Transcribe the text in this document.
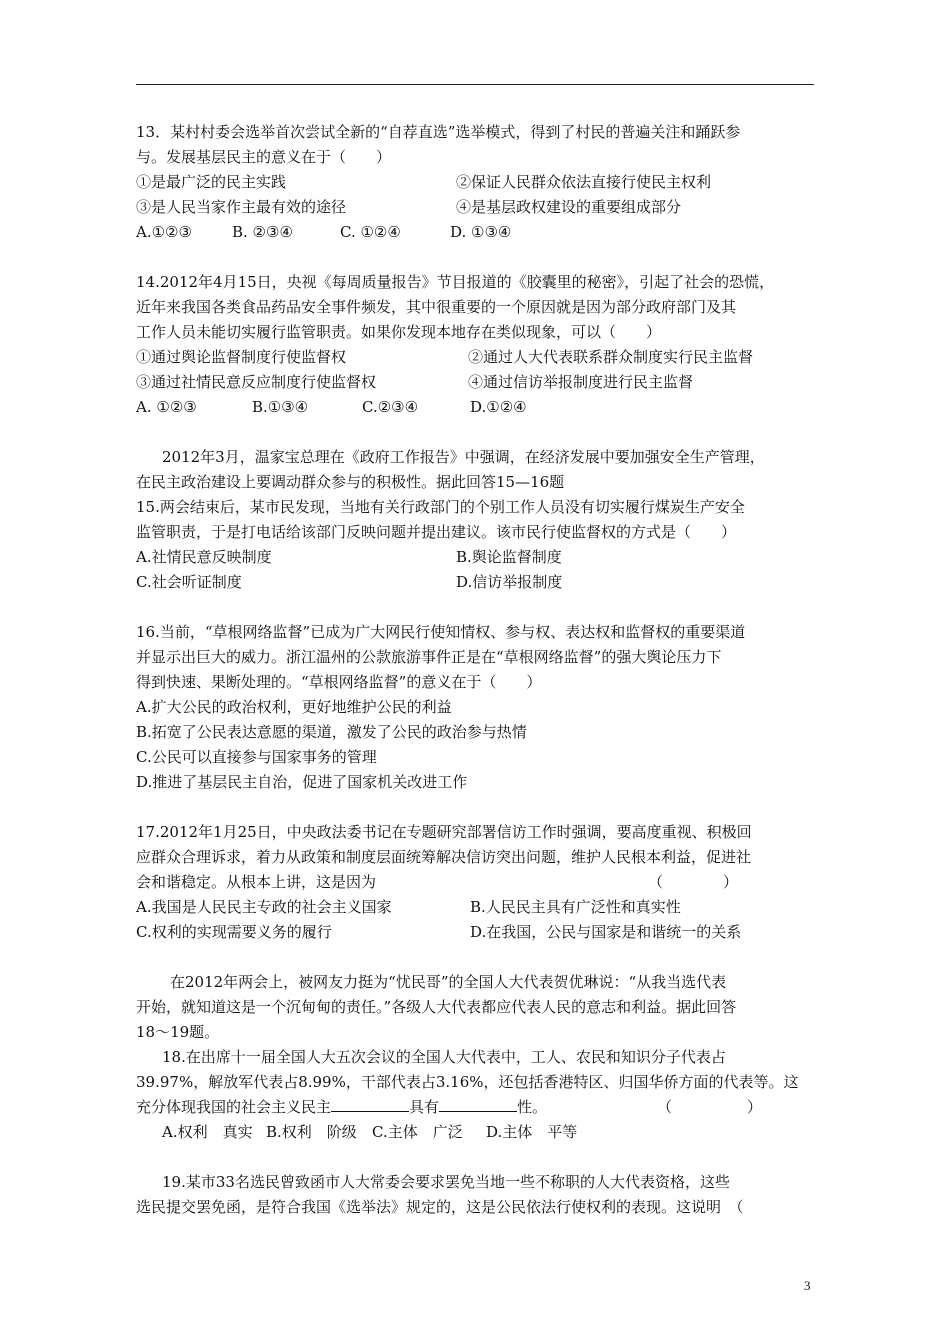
13．某村村委会选举首次尝试全新的“自荐直选”选举模式，得到了村民的普遍关注和踊跃参

与。发展基层民主的意义在于（　　）

①是最广泛的民主实践	②保证人民群众依法直接行使民主权利
③是人民当家作主最有效的途径	④是基层政权建设的重要组成部分

A.①②③	B. ②③④	C. ①②④	D. ①③④

14.2012年4月15日，央视《每周质量报告》节目报道的《胶囊里的秘密》，引起了社会的恐慌，

近年来我国各类食品药品安全事件频发，其中很重要的一个原因就是因为部分政府部门及其

工作人员未能切实履行监管职责。如果你发现本地存在类似现象，可以（　　）

①通过舆论监督制度行使监督权	②通过人大代表联系群众制度实行民主监督
③通过社情民意反应制度行使监督权	④通过信访举报制度进行民主监督

A. ①②③	B.①③④	C.②③④	D.①②④

2012年3月，温家宝总理在《政府工作报告》中强调，在经济发展中要加强安全生产管理，

在民主政治建设上要调动群众参与的积极性。据此回答15—16题

15.两会结束后，某市民发现，当地有关行政部门的个别工作人员没有切实履行煤炭生产安全

监管职责，于是打电话给该部门反映问题并提出建议。该市民行使监督权的方式是（　　）

A.社情民意反映制度	B.舆论监督制度
C.社会听证制度	D.信访举报制度

16.当前，“草根网络监督”已成为广大网民行使知情权、参与权、表达权和监督权的重要渠道

并显示出巨大的威力。浙江温州的公款旅游事件正是在“草根网络监督”的强大舆论压力下

得到快速、果断处理的。“草根网络监督”的意义在于（　　）

A.扩大公民的政治权利，更好地维护公民的利益

B.拓宽了公民表达意愿的渠道，激发了公民的政治参与热情

C.公民可以直接参与国家事务的管理

D.推进了基层民主自治，促进了国家机关改进工作

17.2012年1月25日，中央政法委书记在专题研究部署信访工作时强调，要高度重视、积极回

应群众合理诉求，着力从政策和制度层面统筹解决信访突出问题，维护人民根本利益，促进社

会和谐稳定。从根本上讲，这是因为	（　　　　）
A.我国是人民民主专政的社会主义国家	B.人民民主具有广泛性和真实性
C.权利的实现需要义务的履行	D.在我国，公民与国家是和谐统一的关系

在2012年两会上，被网友力挺为“忧民哥”的全国人大代表贺优琳说：“从我当选代表

开始，就知道这是一个沉甸甸的责任。”各级人大代表都应代表人民的意志和利益。据此回答

18～19题。

18.在出席十一届全国人大五次会议的全国人大代表中，工人、农民和知识分子代表占

39.97%，解放军代表占8.99%，干部代表占3.16%，还包括香港特区、归国华侨方面的代表等。这

充分体现我国的社会主义民主	具有	性。	（　　　　　）

A.权利　真实 B.权利　阶级 C.主体　广泛 D.主体　平等

19.某市33名选民曾致函市人大常委会要求罢免当地一些不称职的人大代表资格，这些

选民提交罢免函，是符合我国《选举法》规定的，这是公民依法行使权利的表现。这说明　（

3
